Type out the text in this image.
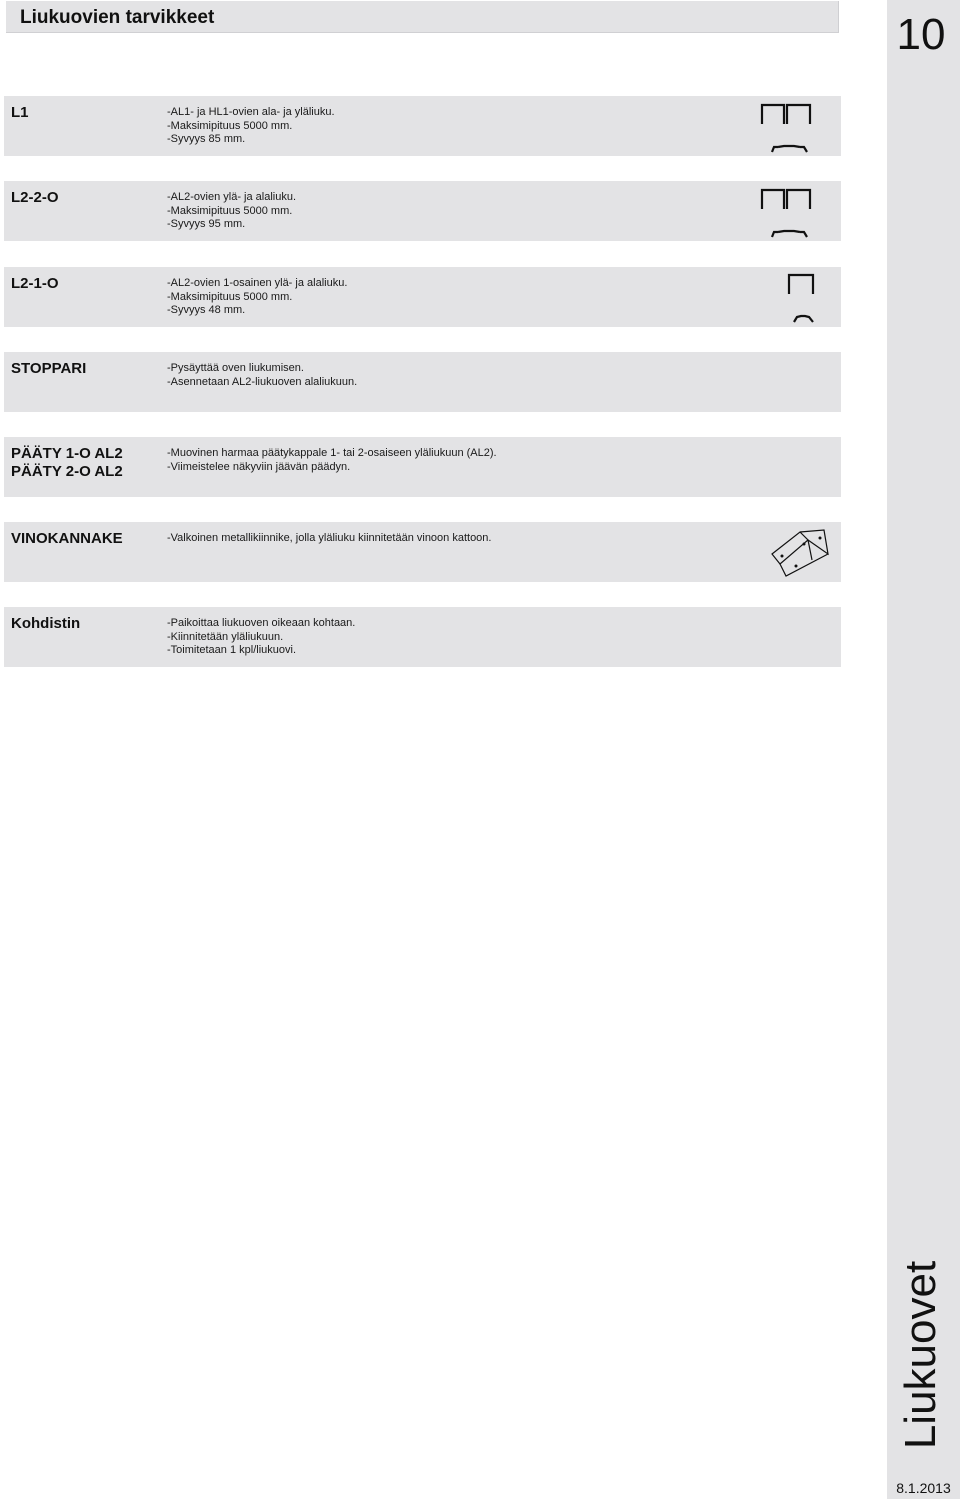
Liukuovien tarvikkeet	10
Liukuovet
8.1.2013
L1	-AL1- ja HL1-ovien ala- ja yläliuku.
-Maksimipituus 5000 mm.
-Syvyys 85 mm.
L2-2-O	-AL2-ovien ylä- ja alaliuku.
-Maksimipituus 5000 mm.
-Syvyys 95 mm.
L2-1-O	-AL2-ovien 1-osainen ylä- ja alaliuku.
-Maksimipituus 5000 mm.
-Syvyys 48 mm.
STOPPARI	-Pysäyttää oven liukumisen.
-Asennetaan AL2-liukuoven alaliukuun.
PÄÄTY 1-O AL2
PÄÄTY 2-O AL2
-Muovinen harmaa päätykappale 1- tai 2-osaiseen yläliukuun (AL2).
-Viimeistelee näkyviin jäävän päädyn.
VINOKANNAKE	-Valkoinen metallikiinnike, jolla yläliuku kiinnitetään vinoon kattoon.
Kohdistin	-Paikoittaa liukuoven oikeaan kohtaan.
-Kiinnitetään yläliukuun.
-Toimitetaan 1 kpl/liukuovi.
